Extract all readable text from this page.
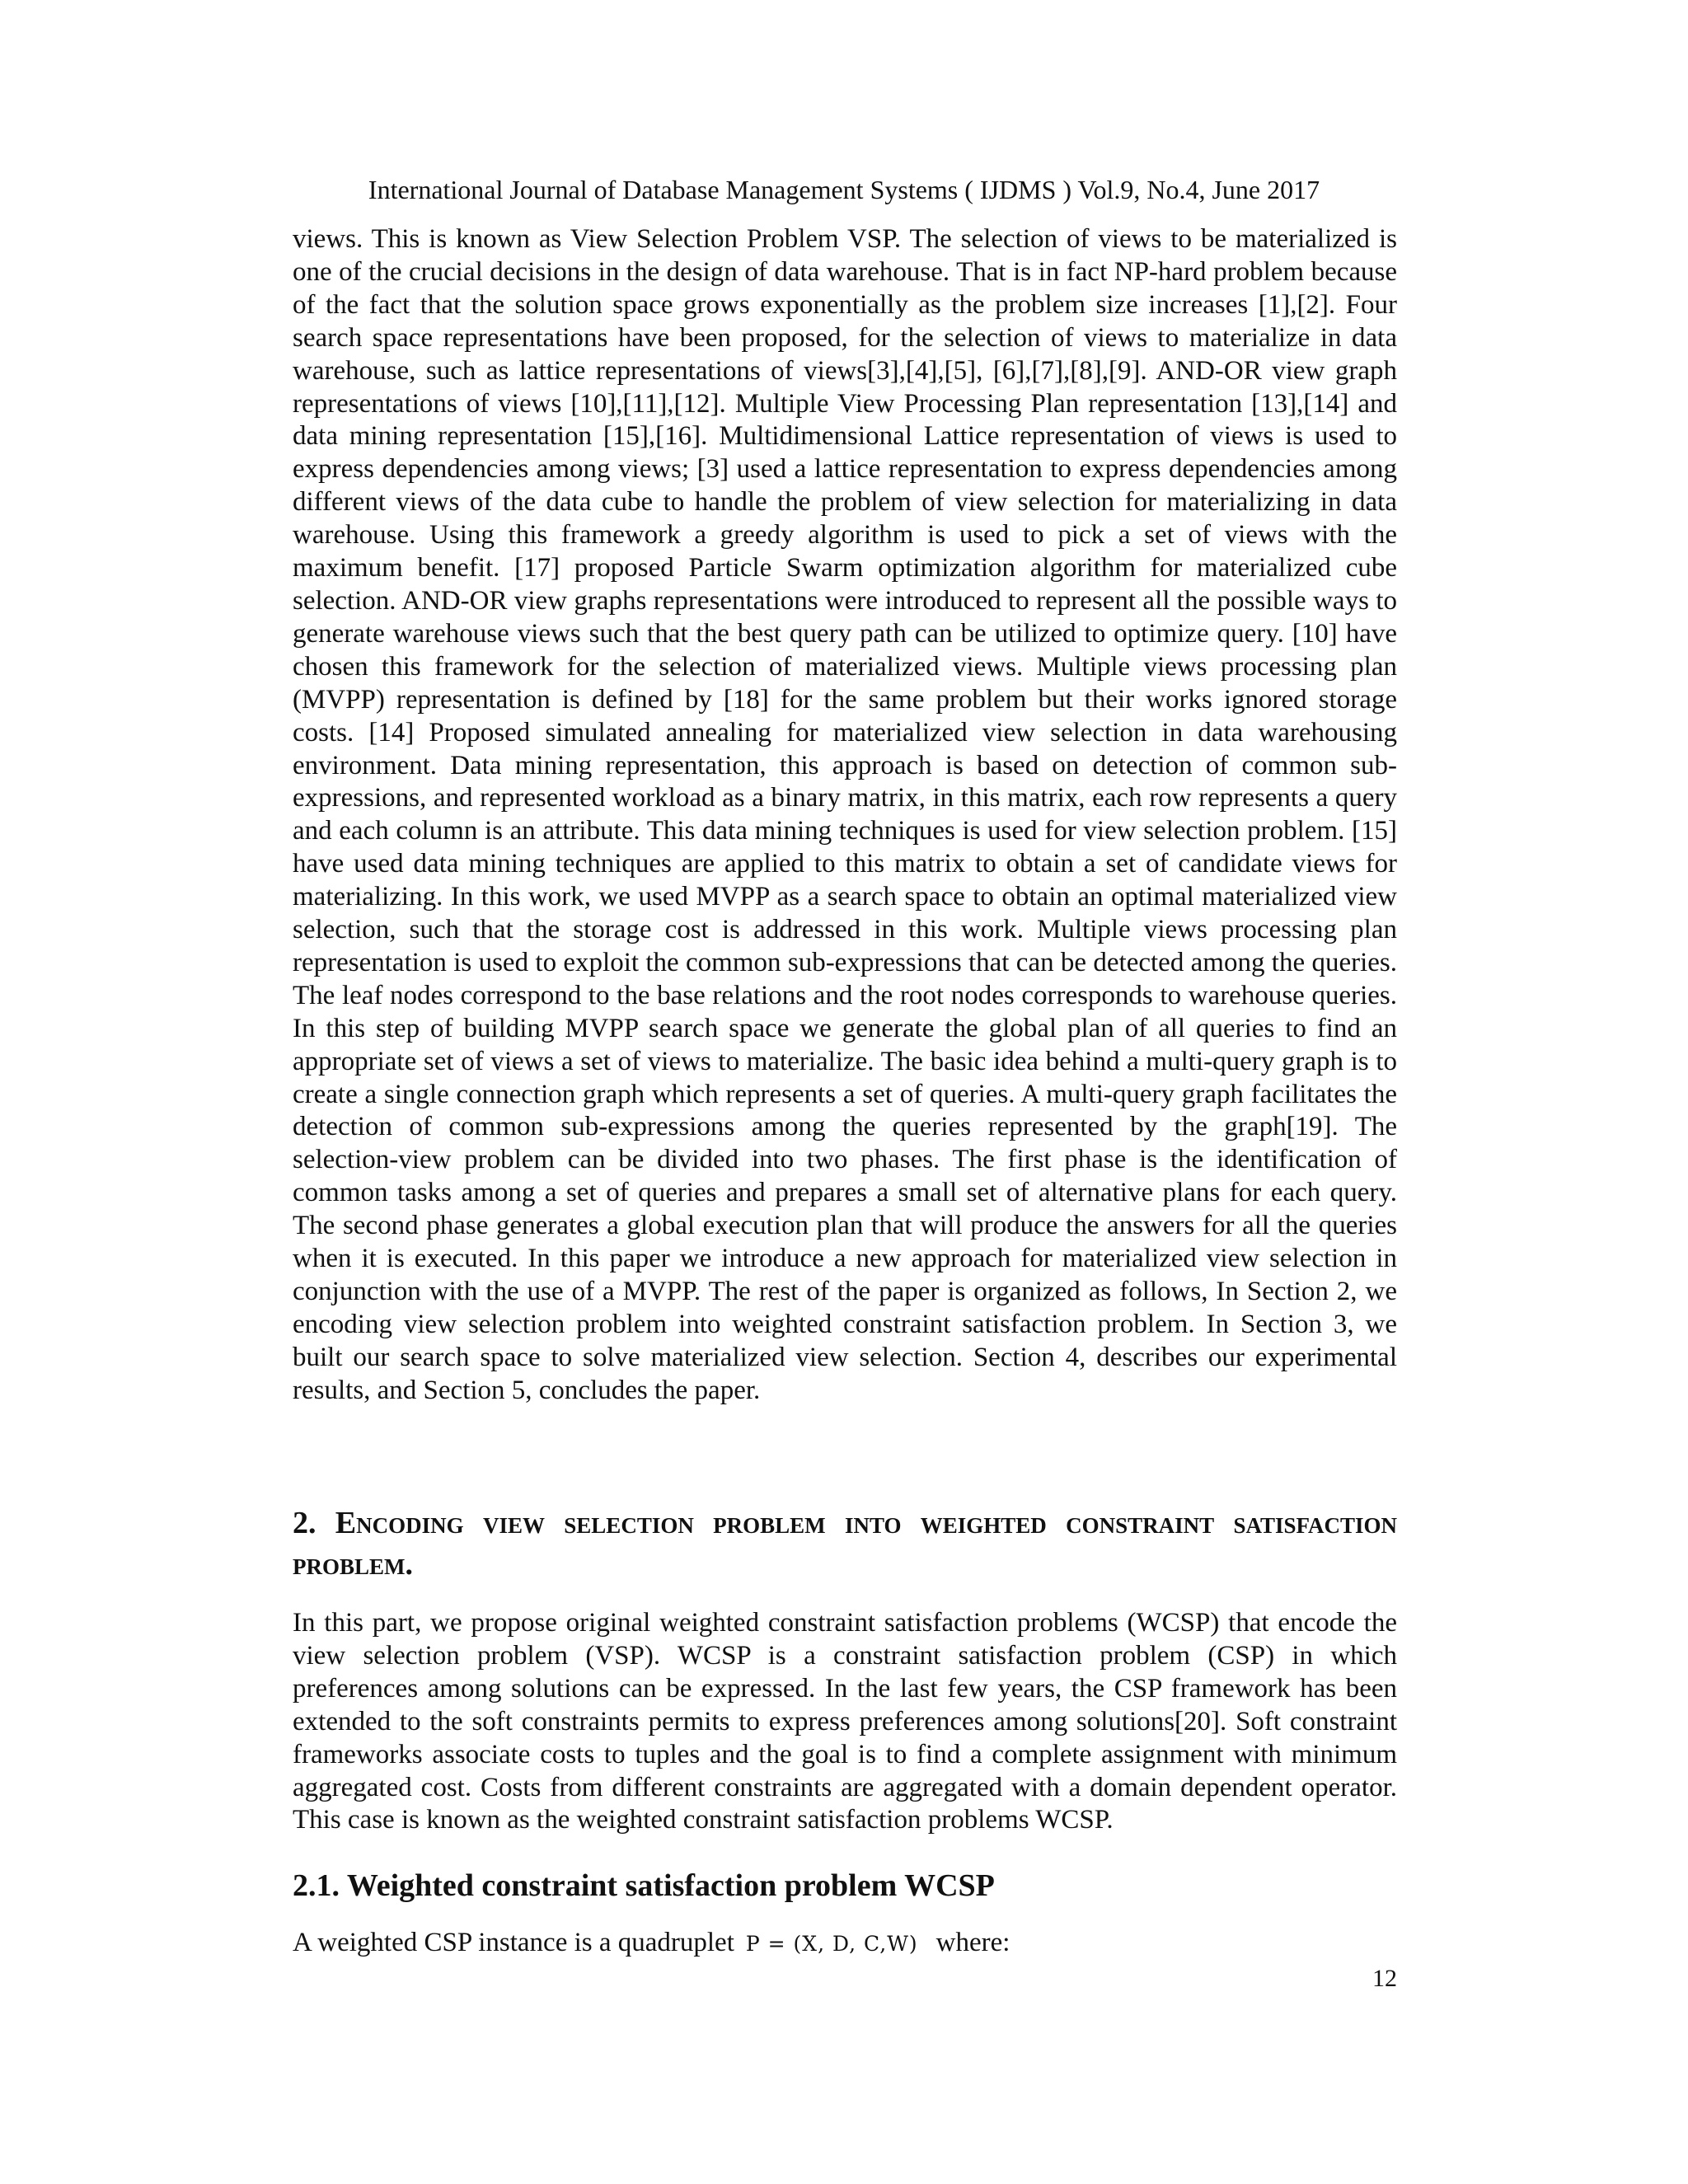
International Journal of Database Management Systems ( IJDMS ) Vol.9, No.4, June 2017

views. This is known as View Selection Problem VSP. The selection of views to be materialized is one of the crucial decisions in the design of data warehouse. That is in fact NP-hard problem because of the fact that the solution space grows exponentially as the problem size increases [1],[2]. Four search space representations have been proposed, for the selection of views to materialize in data warehouse, such as lattice representations of views[3],[4],[5], [6],[7],[8],[9]. AND-OR view graph representations of views [10],[11],[12]. Multiple View Processing Plan representation [13],[14] and data mining representation [15],[16]. Multidimensional Lattice representation of views is used to express dependencies among views; [3] used a lattice representation to express dependencies among different views of the data cube to handle the problem of view selection for materializing in data warehouse. Using this framework a greedy algorithm is used to pick a set of views with the maximum benefit. [17] proposed Particle Swarm optimization algorithm for materialized cube selection. AND-OR view graphs representations were introduced to represent all the possible ways to generate warehouse views such that the best query path can be utilized to optimize query. [10] have chosen this framework for the selection of materialized views. Multiple views processing plan (MVPP) representation is defined by [18] for the same problem but their works ignored storage costs. [14] Proposed simulated annealing for materialized view selection in data warehousing environment. Data mining representation, this approach is based on detection of common sub-expressions, and represented workload as a binary matrix, in this matrix, each row represents a query and each column is an attribute. This data mining techniques is used for view selection problem. [15] have used data mining techniques are applied to this matrix to obtain a set of candidate views for materializing. In this work, we used MVPP as a search space to obtain an optimal materialized view selection, such that the storage cost is addressed in this work. Multiple views processing plan representation is used to exploit the common sub-expressions that can be detected among the queries. The leaf nodes correspond to the base relations and the root nodes corresponds to warehouse queries. In this step of building MVPP search space we generate the global plan of all queries to find an appropriate set of views a set of views to materialize. The basic idea behind a multi-query graph is to create a single connection graph which represents a set of queries. A multi-query graph facilitates the detection of common sub-expressions among the queries represented by the graph[19]. The selection-view problem can be divided into two phases. The first phase is the identification of common tasks among a set of queries and prepares a small set of alternative plans for each query. The second phase generates a global execution plan that will produce the answers for all the queries when it is executed. In this paper we introduce a new approach for materialized view selection in conjunction with the use of a MVPP. The rest of the paper is organized as follows, In Section 2, we encoding view selection problem into weighted constraint satisfaction problem. In Section 3, we built our search space to solve materialized view selection. Section 4, describes our experimental results, and Section 5, concludes the paper.

2. Encoding view selection problem into weighted constraint satisfaction problem.

In this part, we propose original weighted constraint satisfaction problems (WCSP) that encode the view selection problem (VSP). WCSP is a constraint satisfaction problem (CSP) in which preferences among solutions can be expressed. In the last few years, the CSP framework has been extended to the soft constraints permits to express preferences among solutions[20]. Soft constraint frameworks associate costs to tuples and the goal is to find a complete assignment with minimum aggregated cost. Costs from different constraints are aggregated with a domain dependent operator. This case is known as the weighted constraint satisfaction problems WCSP.

2.1. Weighted constraint satisfaction problem WCSP
A weighted CSP instance is a quadruplet P = (X, D, C,W) where:
12
